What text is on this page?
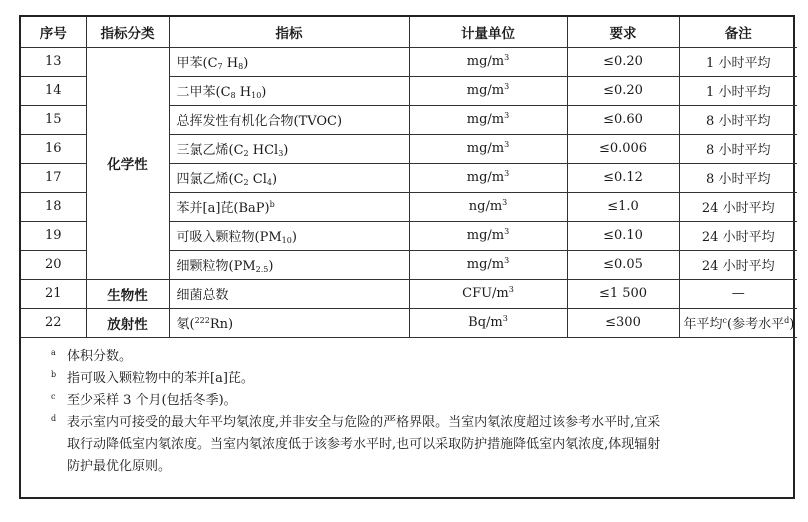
序号	指标分类	指标	计量单位	要求	备注
13	化学性	甲苯($C_7$ $H_8$)	$mg/m^3$	≤0.20	1 小时平均
14		二甲苯($C_8$ $H_{10}$)	$mg/m^3$	≤0.20	1 小时平均
15		总挥发性有机化合物(TVOC)	$mg/m^3$	≤0.60	8 小时平均
16		三氯乙烯($C_2$ HCl$_3$)	$mg/m^3$	≤0.006	8 小时平均
17		四氯乙烯($C_2$ $Cl_4$)	$mg/m^3$	≤0.12	8 小时平均
18		苯并[a]芘(BaP)$^b$	$ng/m^3$	≤1.0	24 小时平均
19		可吸入颗粒物$(PM_{10})$	$mg/m^3$	≤0.10	24 小时平均
20		细颗粒物$(PM_{2.5})$	$mg/m^3$	≤0.05	24 小时平均
21	生物性	细菌总数	CFU/$m^3$	≤1 500	—
22	放射性	氡($^{222}$Rn)	$Bq/m^3$	≤300	年平均$^c$(参考水平$^d$)
a 体积分数。
b 指可吸入颗粒物中的苯并[a]芘。
c 至少采样 3 个月(包括冬季)。
d 表示室内可接受的最大年平均氡浓度,并非安全与危险的严格界限。当室内氡浓度超过该参考水平时,宜采
取行动降低室内氡浓度。当室内氡浓度低于该参考水平时,也可以采取防护措施降低室内氡浓度,体现辐射
防护最优化原则。
